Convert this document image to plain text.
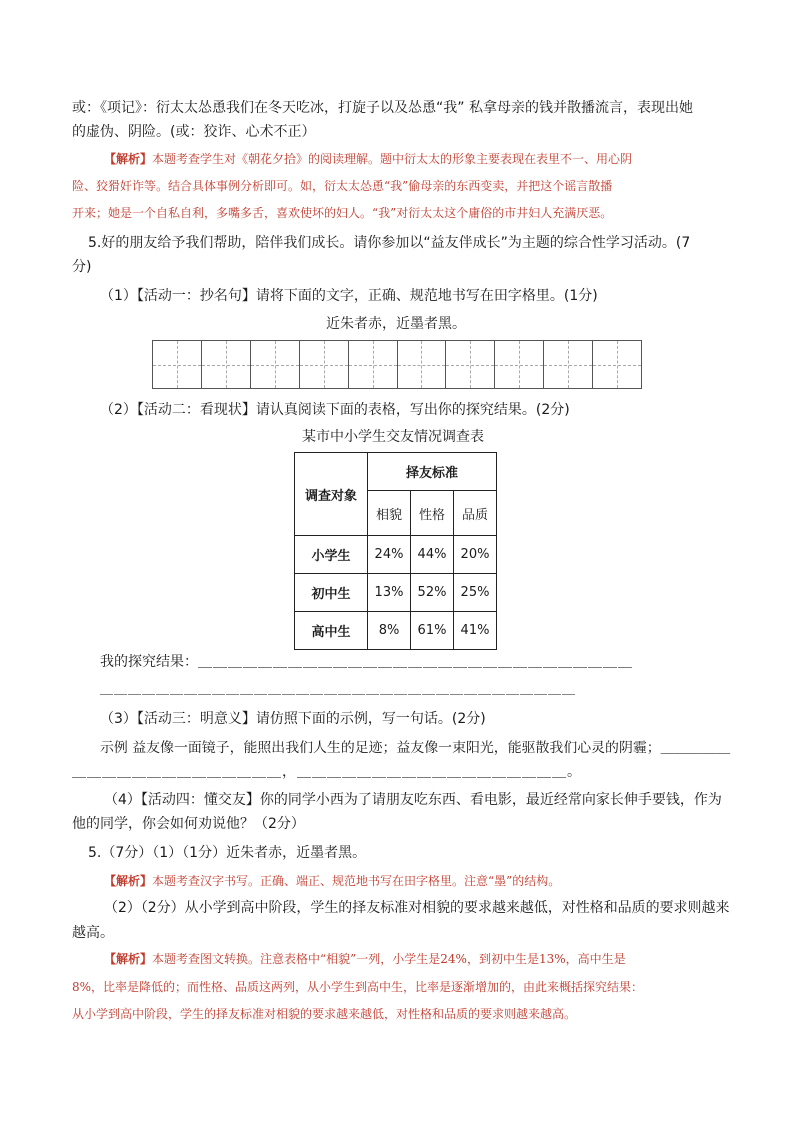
或：《项记》：衍太太怂恿我们在冬天吃冰，打旋子以及怂恿“我” 私拿母亲的钱并散播流言，表现出她
的虚伪、阴险。(或：狡诈、心术不正）
【解析】本题考查学生对《朝花夕拾》的阅读理解。题中衍太太的形象主要表现在表里不一、用心阴
险、狡猾奸诈等。结合具体事例分析即可。如，衍太太怂恿“我”偷母亲的东西变卖，并把这个谣言散播
开来；她是一个自私自利，多嘴多舌，喜欢使坏的妇人。“我”对衍太太这个庸俗的市井妇人充满厌恶。
5.好的朋友给予我们帮助，陪伴我们成长。请你参加以“益友伴成长”为主题的综合性学习活动。(7
分)
（1）【活动一：抄名句】请将下面的文字，正确、规范地书写在田字格里。(1分)
近朱者赤，近墨者黑。
（2）【活动二：看现状】请认真阅读下面的表格，写出你的探究结果。(2分)
某市中小学生交友情况调查表
调查对象	择友标准		
	相貌	性格	品质
小学生	24%	44%	20%
初中生	13%	52%	25%
高中生	8%	61%	41%
我的探究结果：＿＿＿＿＿＿＿＿＿＿＿＿＿＿＿＿＿＿＿＿＿＿＿＿＿＿＿＿＿
＿＿＿＿＿＿＿＿＿＿＿＿＿＿＿＿＿＿＿＿＿＿＿＿＿＿＿＿＿＿＿＿＿＿
（3）【活动三：明意义】请仿照下面的示例，写一句话。(2分)
示例 益友像一面镜子，能照出我们人生的足迹；益友像一束阳光，能驱散我们心灵的阴霾；＿＿＿＿＿
＿＿＿＿＿＿＿＿＿＿＿＿＿＿，＿＿＿＿＿＿＿＿＿＿＿＿＿＿＿＿＿＿。
（4）【活动四：懂交友】你的同学小西为了请朋友吃东西、看电影，最近经常向家长伸手要钱，作为
他的同学，你会如何劝说他？（2分）
5.（7分）（1）（1分）近朱者赤，近墨者黑。
【解析】本题考查汉字书写。正确、端正、规范地书写在田字格里。注意“墨”的结构。
（2）（2分）从小学到高中阶段，学生的择友标准对相貌的要求越来越低，对性格和品质的要求则越来
越高。
【解析】本题考查图文转换。注意表格中“相貌”一列，小学生是24%，到初中生是13%，高中生是
8%，比率是降低的；而性格、品质这两列，从小学生到高中生，比率是逐渐增加的，由此来概括探究结果：
从小学到高中阶段，学生的择友标准对相貌的要求越来越低，对性格和品质的要求则越来越高。
